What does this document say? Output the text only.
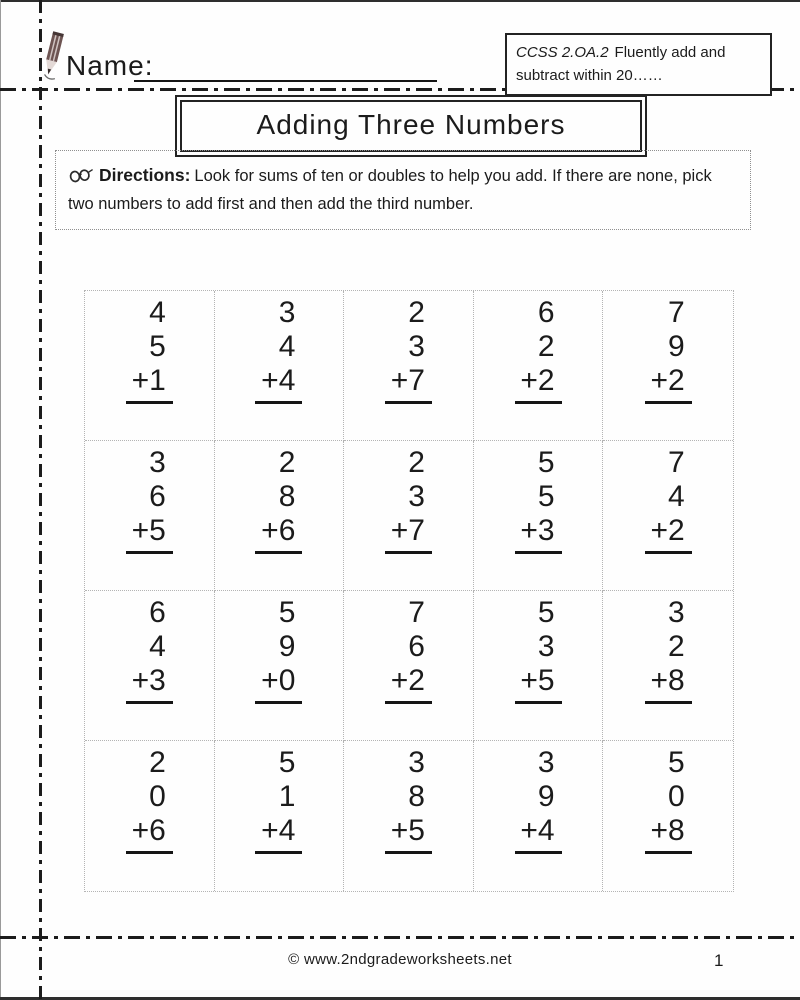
Name:	CCSS 2.OA.2 Fluently add and subtract within 20……
Adding Three Numbers
Directions: Look for sums of ten or doubles to help you add. If there are none, pick two numbers to add first and then add the third number.
4
5
+1
3
4
+4
2
3
+7
6
2
+2
7
9
+2
3
6
+5
2
8
+6
2
3
+7
5
5
+3
7
4
+2
6
4
+3
5
9
+0
7
6
+2
5
3
+5
3
2
+8
2
0
+6
5
1
+4
3
8
+5
3
9
+4
5
0
+8
© www.2ndgradeworksheets.net	1
